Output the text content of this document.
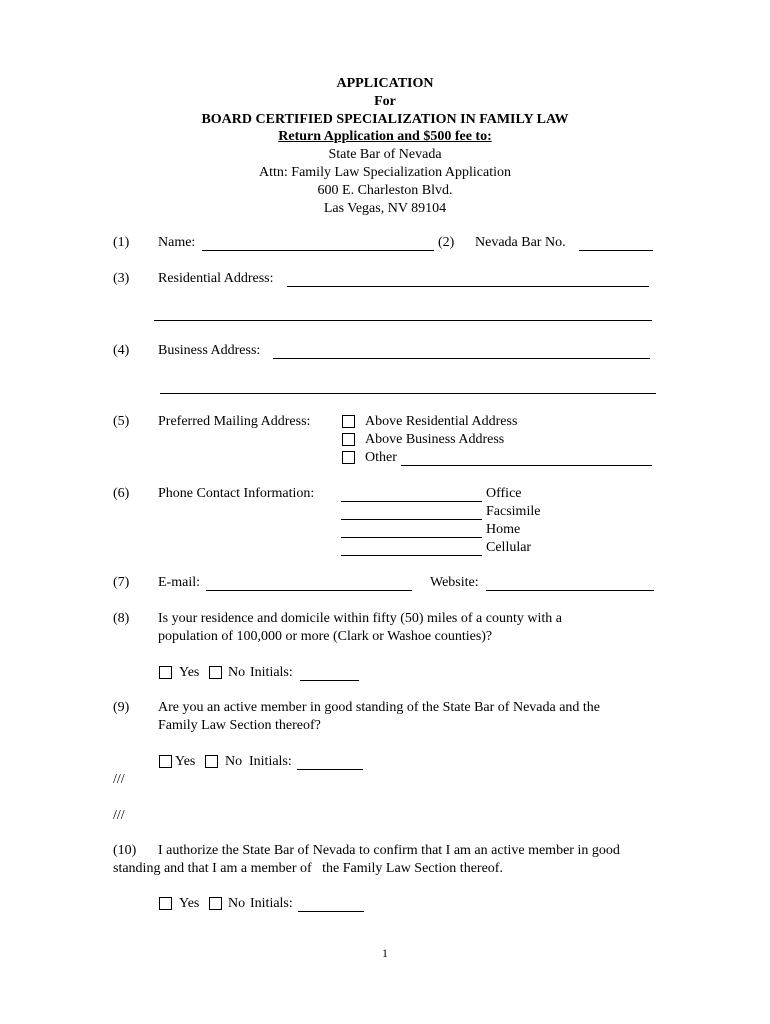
APPLICATION
For
BOARD CERTIFIED SPECIALIZATION IN FAMILY LAW
Return Application and $500 fee to:
State Bar of Nevada
Attn: Family Law Specialization Application
600 E. Charleston Blvd.
Las Vegas, NV 89104
(1) Name:	(2) Nevada Bar No.
(3) Residential Address:
(4) Business Address:
(5) Preferred Mailing Address:	Above Residential Address
Above Business Address
Other
(6) Phone Contact Information:	Office
Facsimile
Home
Cellular
(7) E-mail:	Website:
(8) Is your residence and domicile within fifty (50) miles of a county with a
population of 100,000 or more (Clark or Washoe counties)?
Yes No Initials:
(9) Are you an active member in good standing of the State Bar of Nevada and the
Family Law Section thereof?
Yes No Initials:
///
///
(10) I authorize the State Bar of Nevada to confirm that I am an active member in good
standing and that I am a member of   the Family Law Section thereof.
Yes No Initials:
1
